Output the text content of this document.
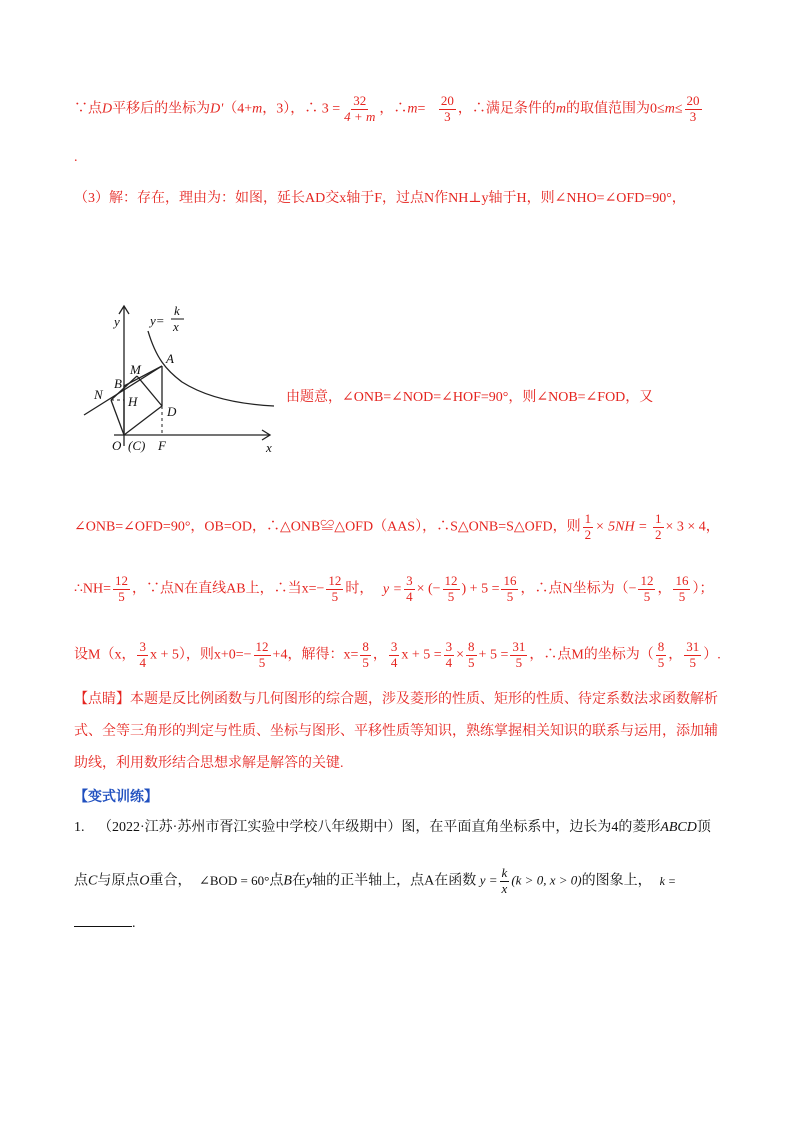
∵点D平移后的坐标为D'（4+m，3），∴ $3 = \frac{32}{4 + m}$ ，∴m= $\frac{20}{3}$ ，∴满足条件的m的取值范围为$0\le m\le \frac{20}{3}$
.
（3）解：存在，理由为：如图，延长AD交x轴于F，过点N作NH⊥y轴于H，则∠NHO=∠OFD=90°，
y
x
y=
k
x
A
M
B
N H
D
O (C) F
由题意，∠ONB=∠NOD=∠HOF=90°，则∠NOB=∠FOD，又
∠ONB=∠OFD=90°，OB=OD，∴△ONB≌△OFD（AAS），∴S△ONB=S△OFD，则 $\frac{1}{2} \times 5NH = \frac{1}{2} \times 3 \times 4$，
∴NH= $\frac{12}{5}$ ，∵点N在直线AB上，∴当$x=- \frac{12}{5}$ 时， $y = \frac{3}{4}$ × (− $\frac{12}{5}$ ) + $5 = \frac{16}{5}$ ，∴点N坐标为（− $\frac{12}{5}$ ， $\frac{16}{5}$ ）；
设M（x， $\frac{3}{4}$ x + 5），则$x+0=- \frac{12}{5} +4$，解得：$x= \frac{8}{5}$ ， $\frac{3}{4}$ $x + 5 = \frac{3}{4} \times \frac{8}{5} + 5 = \frac{31}{5}$ ，∴点M的坐标为（ $\frac{8}{5}$ ， $\frac{31}{5}$ ）.
【点睛】本题是反比例函数与几何图形的综合题，涉及菱形的性质、矩形的性质、待定系数法求函数解析式、全等三角形的判定与性质、坐标与图形、平移性质等知识，熟练掌握相关知识的联系与运用，添加辅助线，利用数形结合思想求解是解答的关键.
【变式训练】
1. （2022·江苏·苏州市胥江实验中学校八年级期中）图，在平面直角坐标系中，边长为4的菱形ABCD顶
点C与原点O重合， ∠BOD = 60°点B在y轴的正半轴上，点A在函数 $y = \frac{k}{x} (k > 0$, x > 0)的图象上， k =
.
